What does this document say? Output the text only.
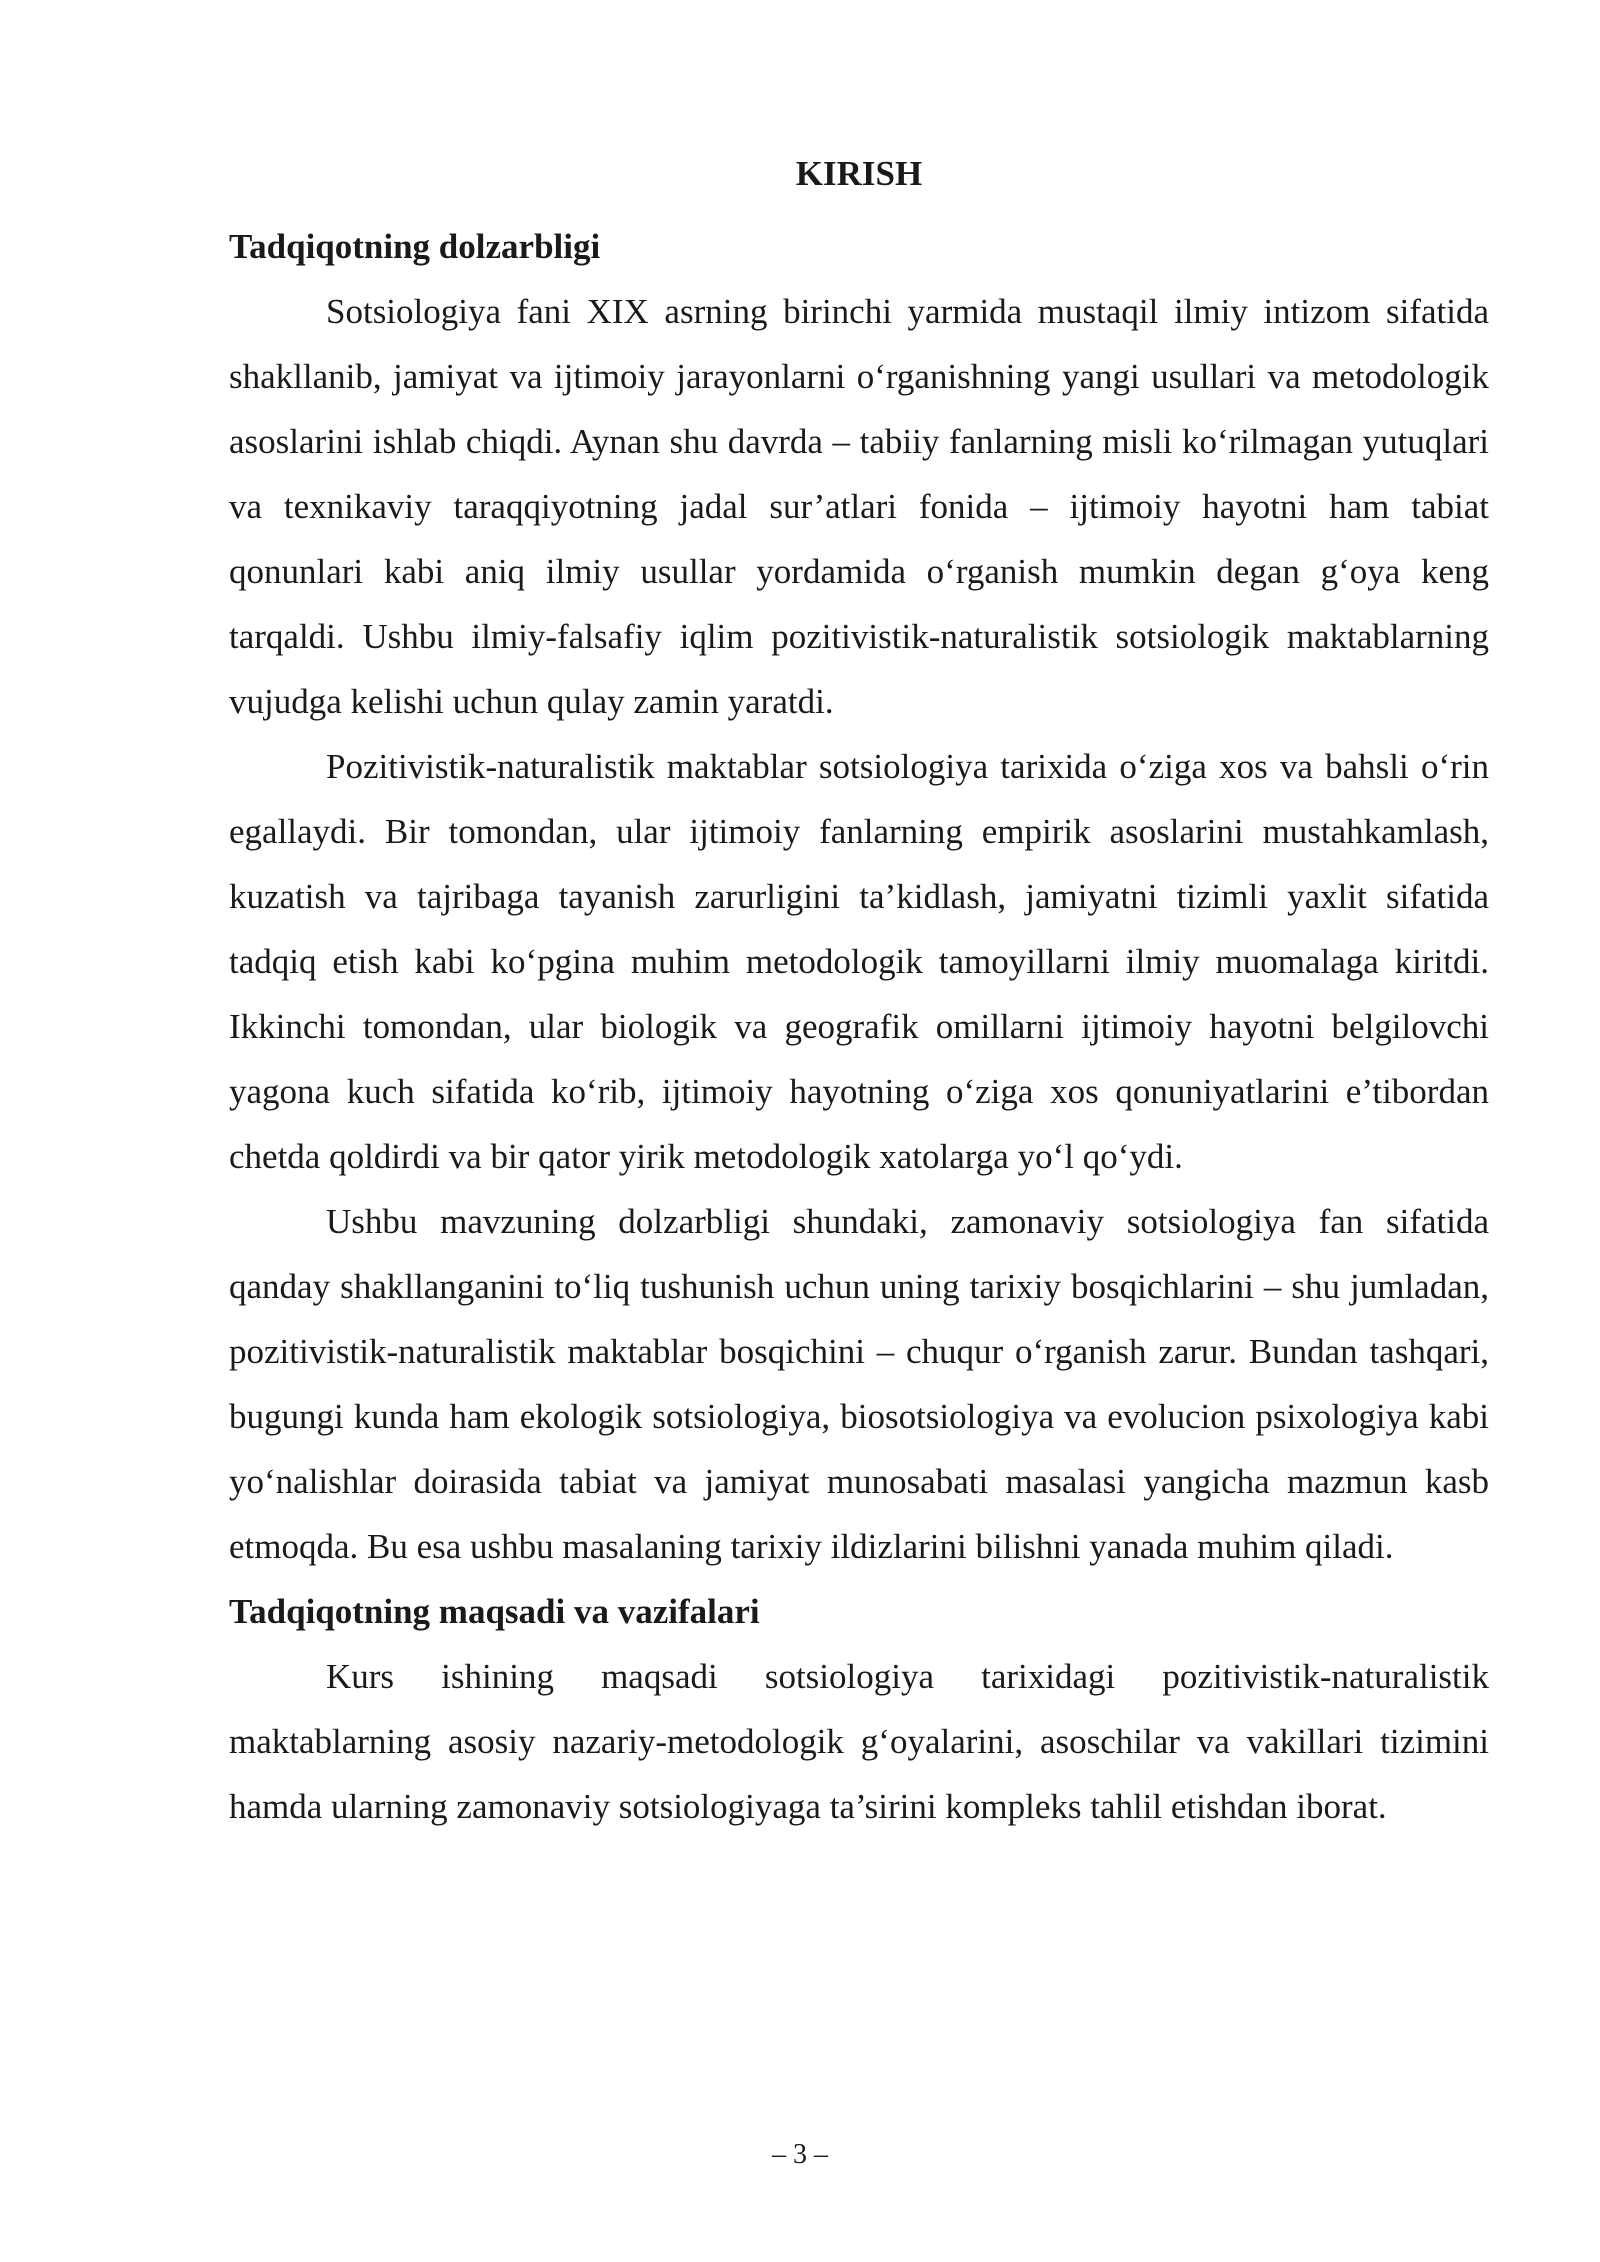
KIRISH

Tadqiqotning dolzarbligi

Sotsiologiya fani XIX asrning birinchi yarmida mustaqil ilmiy intizom sifatida shakllanib, jamiyat va ijtimoiy jarayonlarni o‘rganishning yangi usullari va metodologik asoslarini ishlab chiqdi. Aynan shu davrda – tabiiy fanlarning misli ko‘rilmagan yutuqlari va texnikaviy taraqqiyotning jadal sur’atlari fonida – ijtimoiy hayotni ham tabiat qonunlari kabi aniq ilmiy usullar yordamida o‘rganish mumkin degan g‘oya keng tarqaldi. Ushbu ilmiy-falsafiy iqlim pozitivistik-naturalistik sotsiologik maktablarning vujudga kelishi uchun qulay zamin yaratdi.

Pozitivistik-naturalistik maktablar sotsiologiya tarixida o‘ziga xos va bahsli o‘rin egallaydi. Bir tomondan, ular ijtimoiy fanlarning empirik asoslarini mustahkamlash, kuzatish va tajribaga tayanish zarurligini ta’kidlash, jamiyatni tizimli yaxlit sifatida tadqiq etish kabi ko‘pgina muhim metodologik tamoyillarni ilmiy muomalaga kiritdi. Ikkinchi tomondan, ular biologik va geografik omillarni ijtimoiy hayotni belgilovchi yagona kuch sifatida ko‘rib, ijtimoiy hayotning o‘ziga xos qonuniyatlarini e’tibordan chetda qoldirdi va bir qator yirik metodologik xatolarga yo‘l qo‘ydi.

Ushbu mavzuning dolzarbligi shundaki, zamonaviy sotsiologiya fan sifatida qanday shakllanganini to‘liq tushunish uchun uning tarixiy bosqichlarini – shu jumladan, pozitivistik-naturalistik maktablar bosqichini – chuqur o‘rganish zarur. Bundan tashqari, bugungi kunda ham ekologik sotsiologiya, biosotsiologiya va evolucion psixologiya kabi yo‘nalishlar doirasida tabiat va jamiyat munosabati masalasi yangicha mazmun kasb etmoqda. Bu esa ushbu masalaning tarixiy ildizlarini bilishni yanada muhim qiladi.

Tadqiqotning maqsadi va vazifalari

Kurs ishining maqsadi sotsiologiya tarixidagi pozitivistik-naturalistik maktablarning asosiy nazariy-metodologik g‘oyalarini, asoschilar va vakillari tizimini hamda ularning zamonaviy sotsiologiyaga ta’sirini kompleks tahlil etishdan iborat.

– 3 –
